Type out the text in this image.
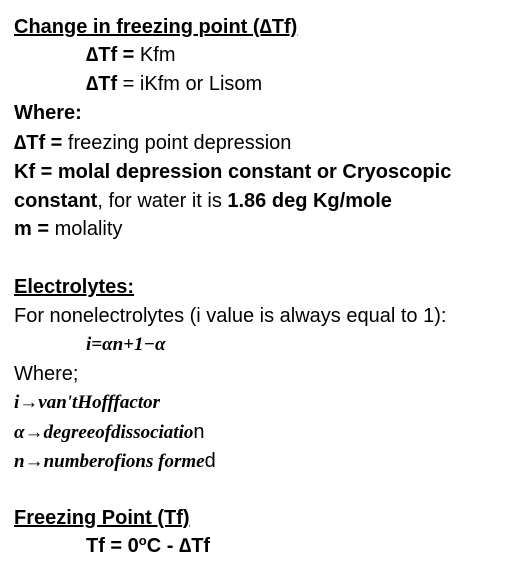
Change in freezing point (∆Tf)
∆Tf = Kfm
∆Tf = iKfm or Lisom
Where:
∆Tf = freezing point depression
Kf = molal depression constant or Cryoscopic
constant, for water it is 1.86 deg Kg/mole
m = molality
Electrolytes:
For nonelectrolytes (i value is always equal to 1):
i=αn+1−α
Where;
i→van'tHofffactor
α→degreeofdissociation
n→numberofions formed
Freezing Point (Tf)
$Tf = 0^oC - \Delta Tf$
